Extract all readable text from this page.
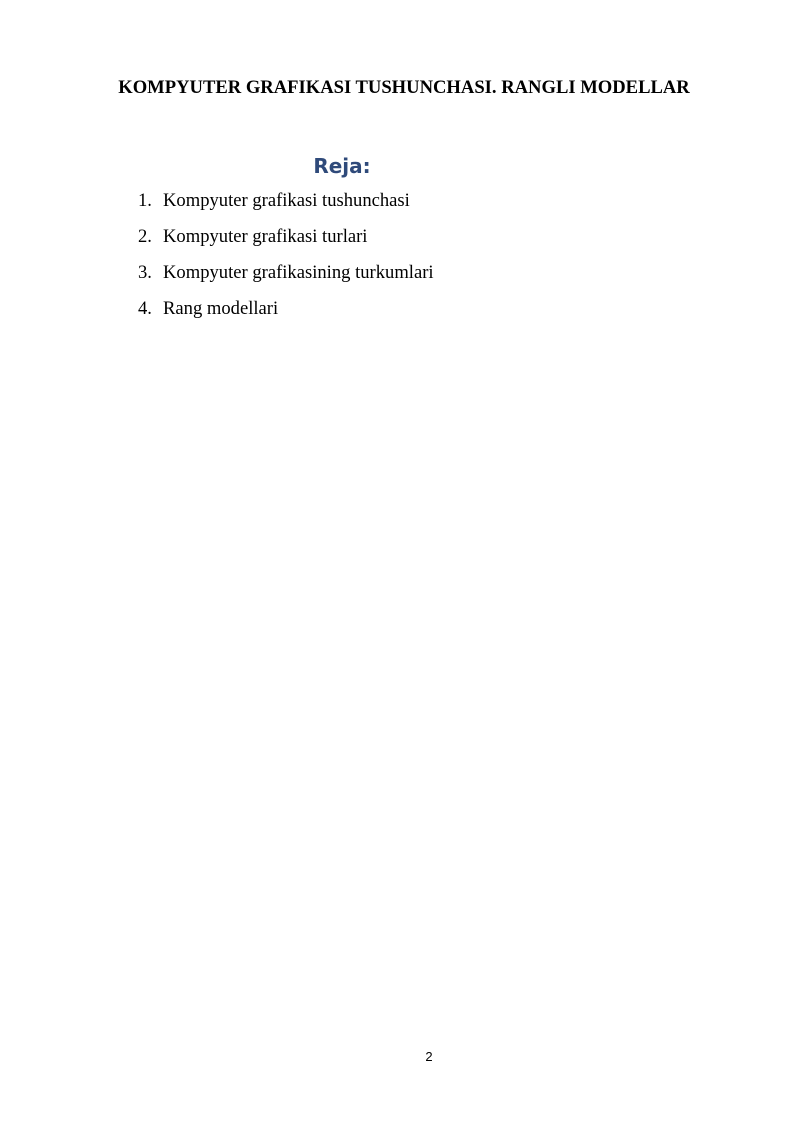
KOMPYUTER GRAFIKASI TUSHUNCHASI. RANGLI MODELLAR
Reja:
1. Kompyuter grafikasi tushunchasi
2. Kompyuter grafikasi turlari
3. Kompyuter grafikasining turkumlari
4. Rang modellari

2
